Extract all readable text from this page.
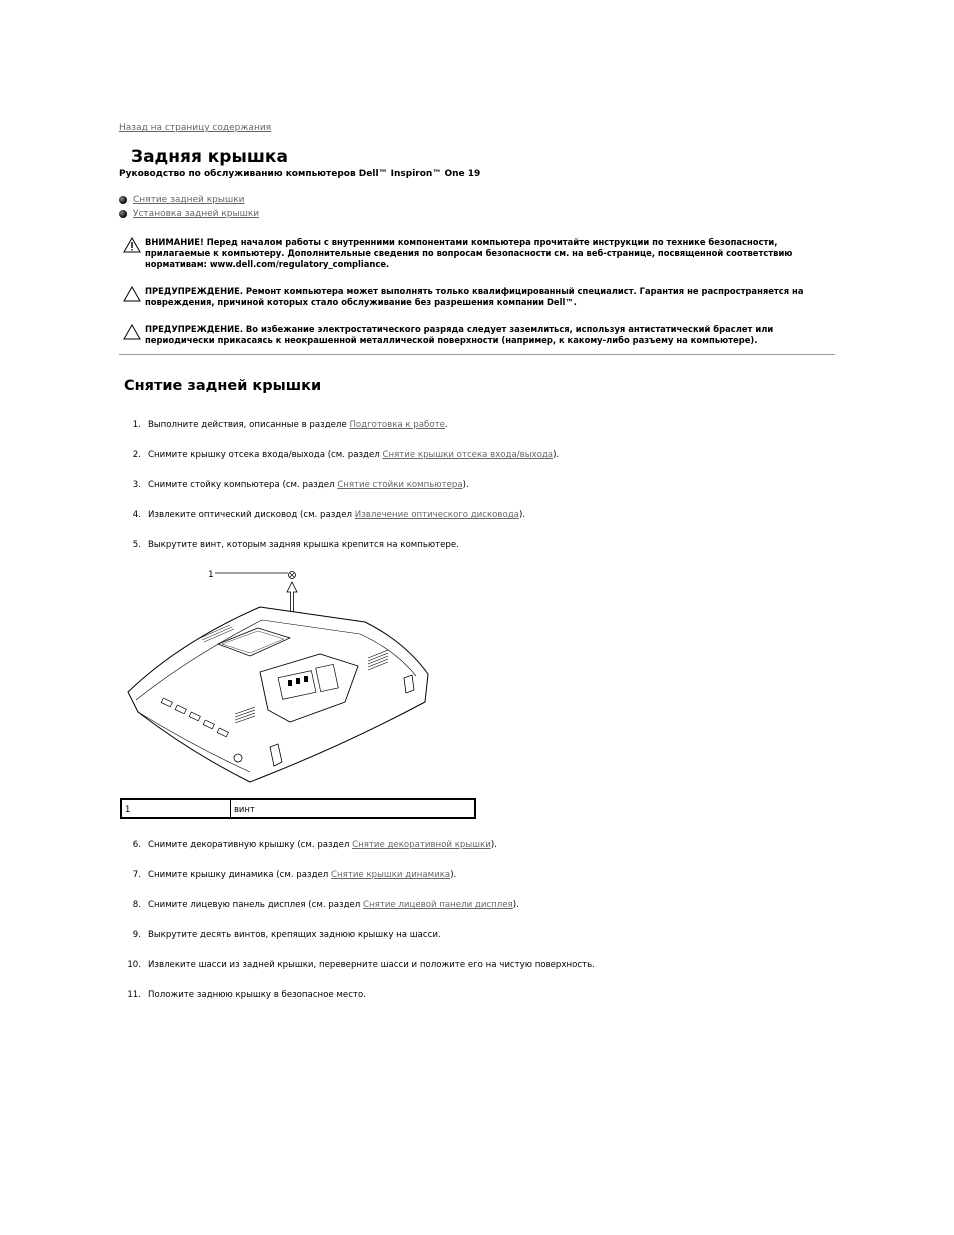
Назад на страницу содержания
Задняя крышка
Руководство по обслуживанию компьютеров Dell™ Inspiron™ One 19
Снятие задней крышки
Установка задней крышки
ВНИМАНИЕ! Перед началом работы с внутренними компонентами компьютера прочитайте инструкции по технике безопасности, прилагаемые к компьютеру. Дополнительные сведения по вопросам безопасности см. на веб-странице, посвященной соответствию нормативам: www.dell.com/regulatory_compliance.
ПРЕДУПРЕЖДЕНИЕ. Ремонт компьютера может выполнять только квалифицированный специалист. Гарантия не распространяется на повреждения, причиной которых стало обслуживание без разрешения компании Dell™.
ПРЕДУПРЕЖДЕНИЕ. Во избежание электростатического разряда следует заземлиться, используя антистатический браслет или периодически прикасаясь к неокрашенной металлической поверхности (например, к какому-либо разъему на компьютере).
Снятие задней крышки
1. Выполните действия, описанные в разделе Подготовка к работе.
2. Снимите крышку отсека входа/выхода (см. раздел Снятие крышки отсека входа/выхода).
3. Снимите стойку компьютера (см. раздел Снятие стойки компьютера).
4. Извлеките оптический дисковод (см. раздел Извлечение оптического дисковода).
5. Выкрутите винт, которым задняя крышка крепится на компьютере.
1
1	винт
6. Снимите декоративную крышку (см. раздел Снятие декоративной крышки).
7. Снимите крышку динамика (см. раздел Снятие крышки динамика).
8. Снимите лицевую панель дисплея (см. раздел Снятие лицевой панели дисплея).
9. Выкрутите десять винтов, крепящих заднюю крышку на шасси.
10. Извлеките шасси из задней крышки, переверните шасси и положите его на чистую поверхность.
11. Положите заднюю крышку в безопасное место.
